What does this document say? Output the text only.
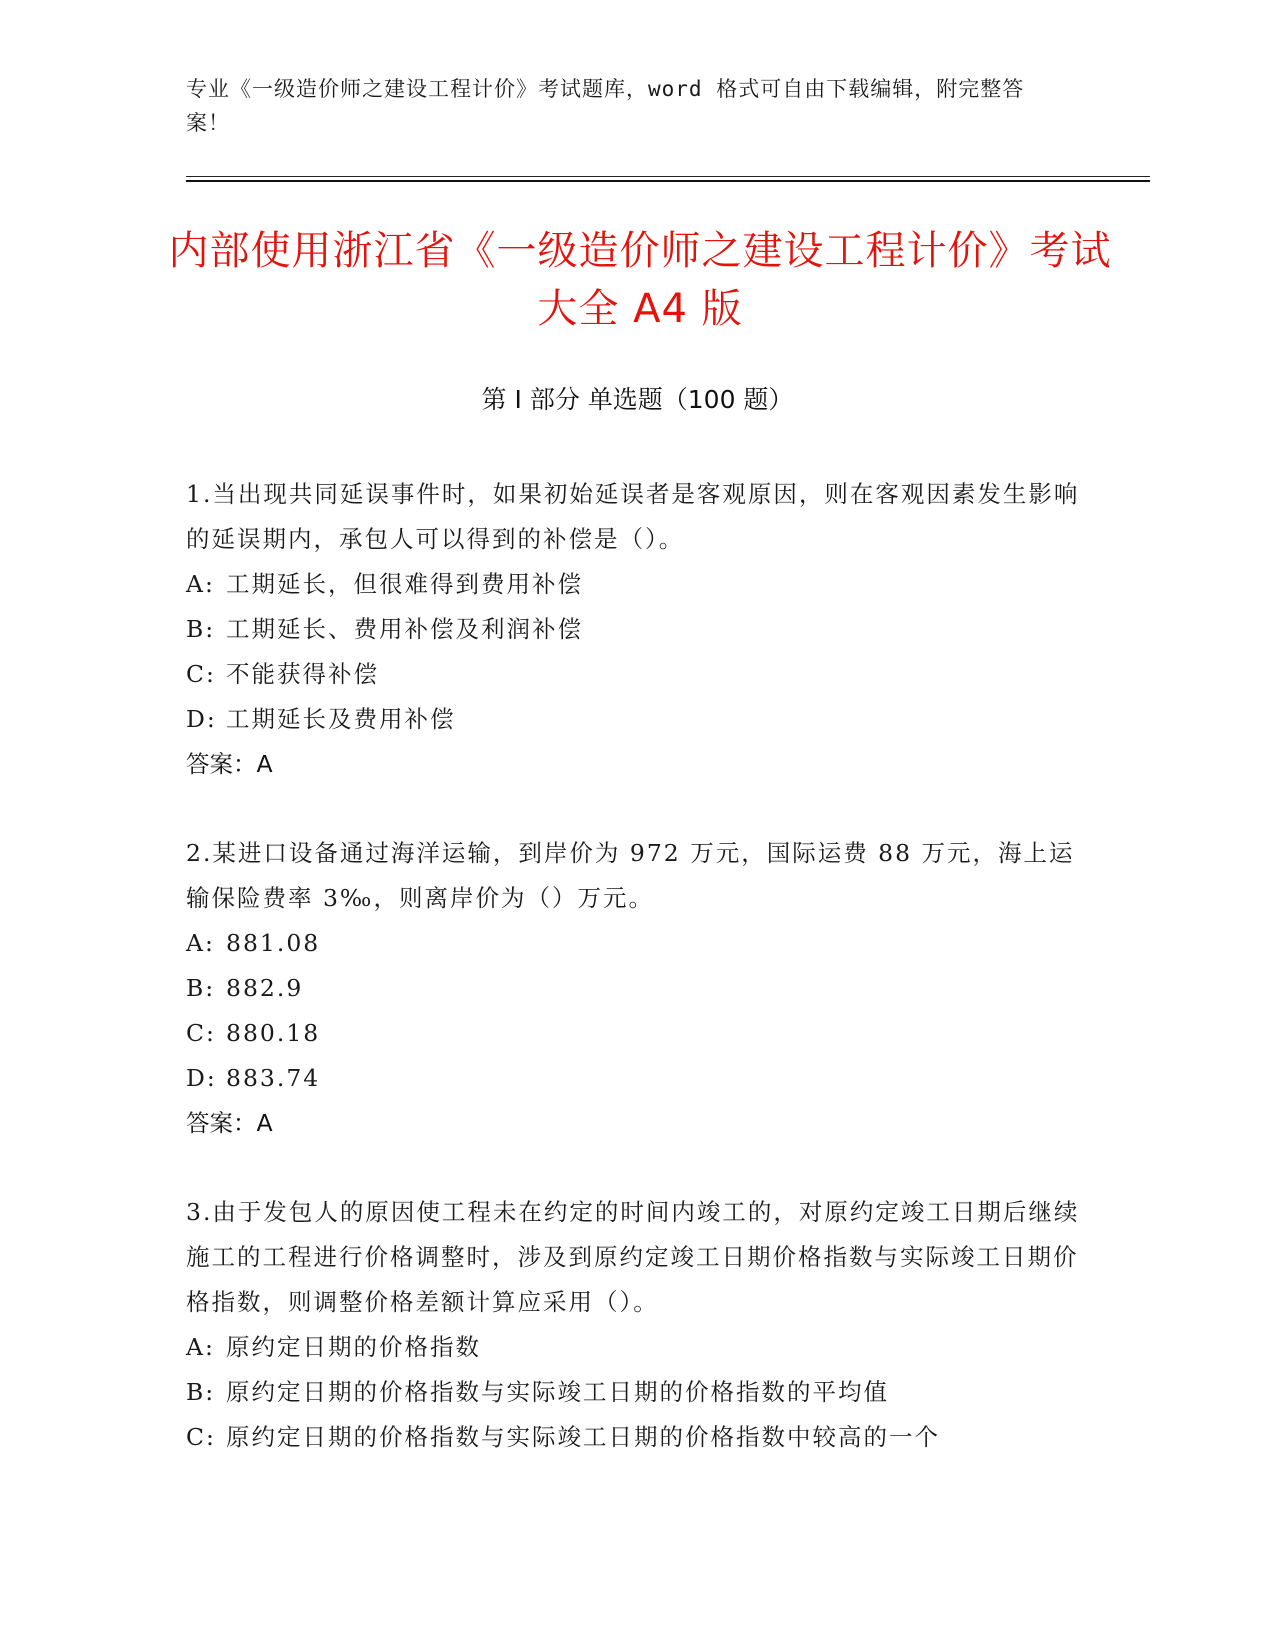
专业《一级造价师之建设工程计价》考试题库，word 格式可自由下载编辑，附完整答案！
内部使用浙江省《一级造价师之建设工程计价》考试大全 A4 版
第 I 部分 单选题（100 题）
1.当出现共同延误事件时，如果初始延误者是客观原因，则在客观因素发生影响的延误期内，承包人可以得到的补偿是（）。
A: 工期延长，但很难得到费用补偿
B: 工期延长、费用补偿及利润补偿
C: 不能获得补偿
D: 工期延长及费用补偿
答案：A
2.某进口设备通过海洋运输，到岸价为 972 万元，国际运费 88 万元，海上运输保险费率 3‰，则离岸价为（）万元。
A: 881.08
B: 882.9
C: 880.18
D: 883.74
答案：A
3.由于发包人的原因使工程未在约定的时间内竣工的，对原约定竣工日期后继续施工的工程进行价格调整时，涉及到原约定竣工日期价格指数与实际竣工日期价格指数，则调整价格差额计算应采用（）。
A: 原约定日期的价格指数
B: 原约定日期的价格指数与实际竣工日期的价格指数的平均值
C: 原约定日期的价格指数与实际竣工日期的价格指数中较高的一个
